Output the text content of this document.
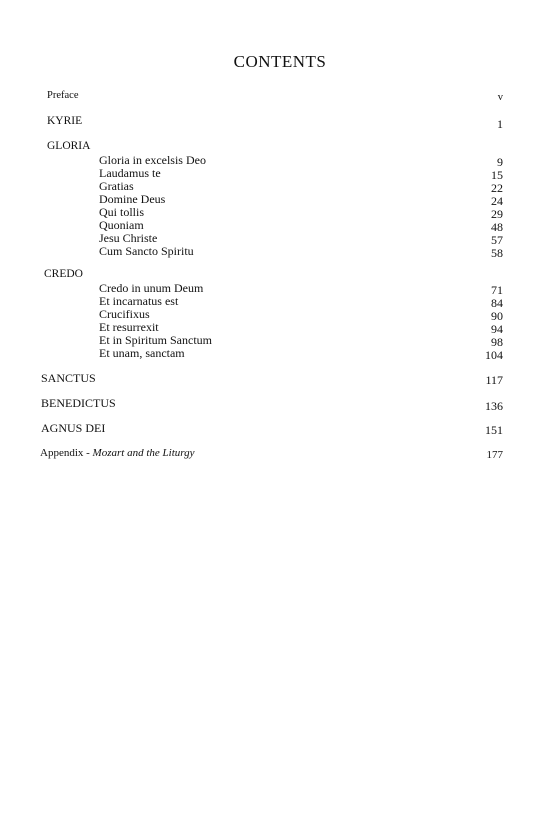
CONTENTS
Preface	v
KYRIE	1
GLORIA
Gloria in excelsis Deo	9
Laudamus te	15
Gratias	22
Domine Deus	24
Qui tollis	29
Quoniam	48
Jesu Christe	57
Cum Sancto Spiritu	58
CREDO
Credo in unum Deum	71
Et incarnatus est	84
Crucifixus	90
Et resurrexit	94
Et in Spiritum Sanctum	98
Et unam, sanctam	104
SANCTUS	117
BENEDICTUS	136
AGNUS DEI	151
Appendix - Mozart and the Liturgy	177
